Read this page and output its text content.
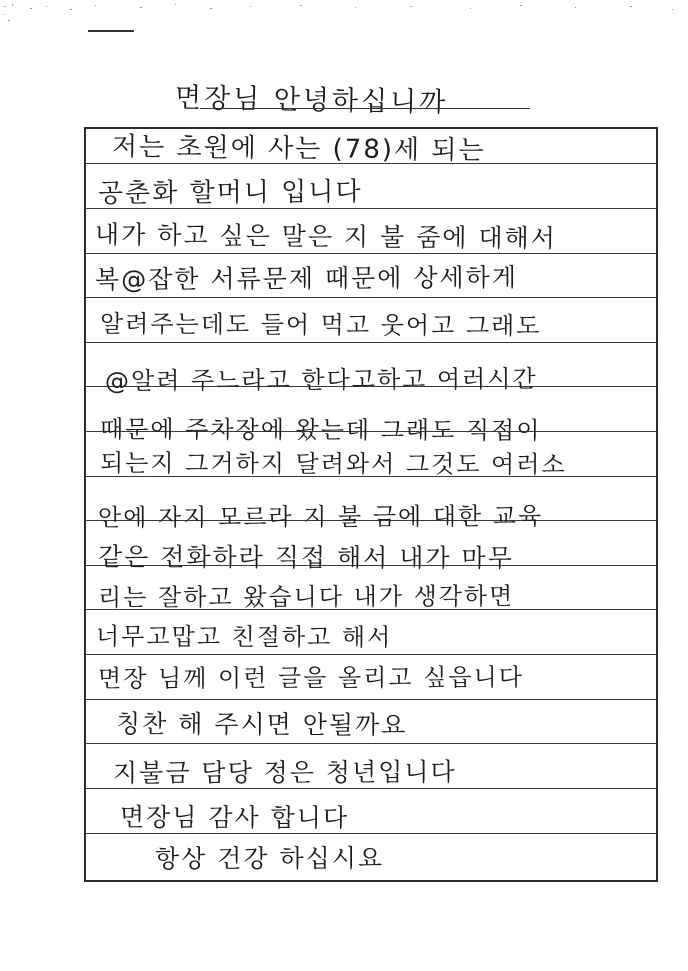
면장님 안녕하십니까
저는 초원에 사는 (78)세 되는
공춘화 할머니 입니다
내가 하고 싶은 말은 지 불 줌에 대해서
복@잡한 서류문제 때문에 상세하게
알려주는데도 들어 먹고 웃어고 그래도
@알려 주느라고 한다고하고 여러시간
때문에 주차장에 왔는데 그래도 직접이
되는지 그거하지 달려와서 그것도 여러소
안에 자지 모르라 지 불 금에 대한 교육
같은 전화하라 직접 해서 내가 마무
리는 잘하고 왔습니다 내가 생각하면
너무고맙고 친절하고 해서
면장 님께 이런 글을 올리고 싶읍니다
칭찬 해 주시면 안될까요
지불금 담당 정은 청년입니다
면장님 감사 합니다
항상 건강 하십시요
